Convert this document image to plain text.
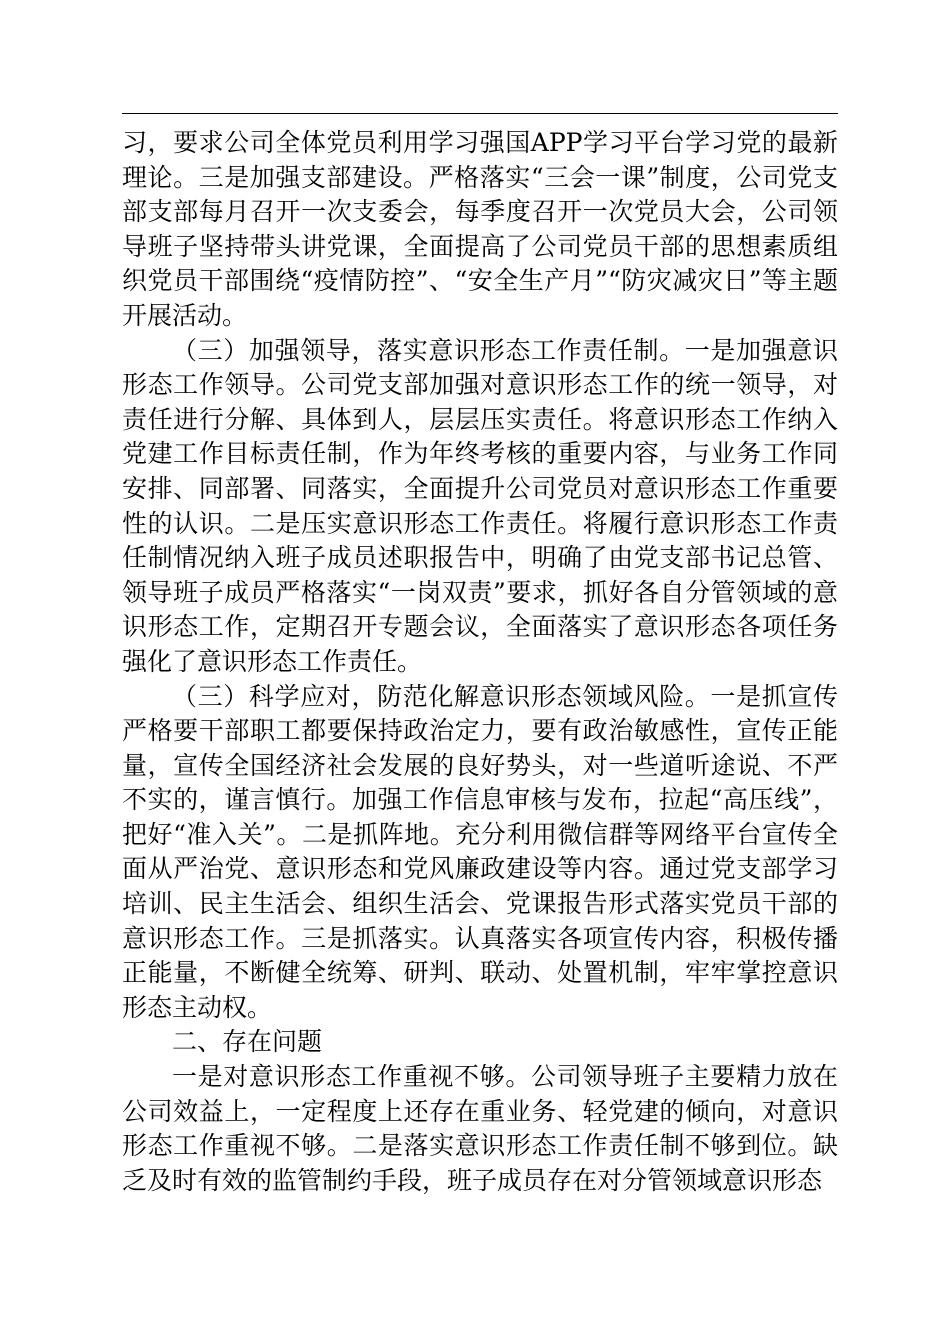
习，要求公司全体党员利用学习强国APP学习平台学习党的最新理论。三是加强支部建设。严格落实“三会一课”制度，公司党支部支部每月召开一次支委会，每季度召开一次党员大会，公司领导班子坚持带头讲党课，全面提高了公司党员干部的思想素质组织党员干部围绕“疫情防控”、“安全生产月”“防灾减灾日”等主题开展活动。

（三）加强领导，落实意识形态工作责任制。一是加强意识形态工作领导。公司党支部加强对意识形态工作的统一领导，对责任进行分解、具体到人，层层压实责任。将意识形态工作纳入党建工作目标责任制，作为年终考核的重要内容，与业务工作同安排、同部署、同落实，全面提升公司党员对意识形态工作重要性的认识。二是压实意识形态工作责任。将履行意识形态工作责任制情况纳入班子成员述职报告中，明确了由党支部书记总管、领导班子成员严格落实“一岗双责”要求，抓好各自分管领域的意识形态工作，定期召开专题会议，全面落实了意识形态各项任务强化了意识形态工作责任。

（三）科学应对，防范化解意识形态领域风险。一是抓宣传严格要干部职工都要保持政治定力，要有政治敏感性，宣传正能量，宣传全国经济社会发展的良好势头，对一些道听途说、不严不实的，谨言慎行。加强工作信息审核与发布，拉起“高压线”，把好“准入关”。二是抓阵地。充分利用微信群等网络平台宣传全面从严治党、意识形态和党风廉政建设等内容。通过党支部学习培训、民主生活会、组织生活会、党课报告形式落实党员干部的意识形态工作。三是抓落实。认真落实各项宣传内容，积极传播正能量，不断健全统筹、研判、联动、处置机制，牢牢掌控意识形态主动权。

二、存在问题

一是对意识形态工作重视不够。公司领导班子主要精力放在公司效益上，一定程度上还存在重业务、轻党建的倾向，对意识形态工作重视不够。二是落实意识形态工作责任制不够到位。缺乏及时有效的监管制约手段，班子成员存在对分管领域意识形态
